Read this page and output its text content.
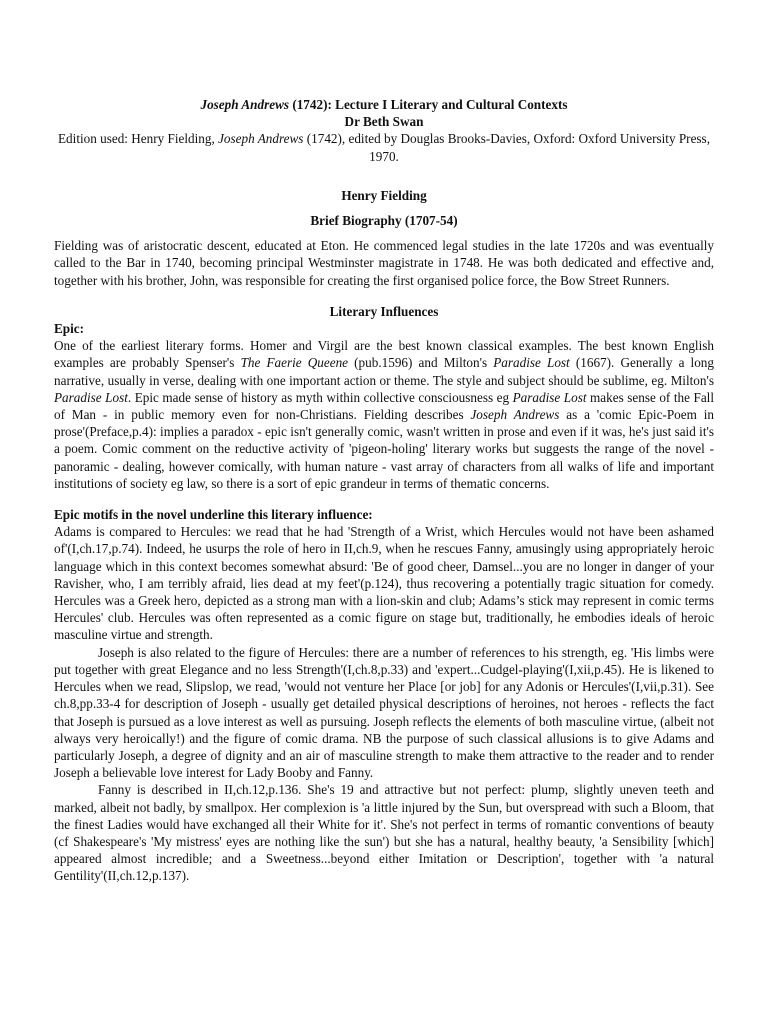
Joseph Andrews (1742): Lecture I Literary and Cultural Contexts
Dr Beth Swan
Edition used: Henry Fielding, Joseph Andrews (1742), edited by Douglas Brooks-Davies, Oxford: Oxford University Press, 1970.
Henry Fielding
Brief Biography (1707-54)

Fielding was of aristocratic descent, educated at Eton. He commenced legal studies in the late 1720s and was eventually called to the Bar in 1740, becoming principal Westminster magistrate in 1748. He was both dedicated and effective and, together with his brother, John, was responsible for creating the first organised police force, the Bow Street Runners.

Literary Influences
Epic:

One of the earliest literary forms. Homer and Virgil are the best known classical examples. The best known English examples are probably Spenser's The Faerie Queene (pub.1596) and Milton's Paradise Lost (1667). Generally a long narrative, usually in verse, dealing with one important action or theme. The style and subject should be sublime, eg. Milton's Paradise Lost. Epic made sense of history as myth within collective consciousness eg Paradise Lost makes sense of the Fall of Man - in public memory even for non-Christians. Fielding describes Joseph Andrews as a 'comic Epic-Poem in prose'(Preface,p.4): implies a paradox - epic isn't generally comic, wasn't written in prose and even if it was, he's just said it's a poem. Comic comment on the reductive activity of 'pigeon-holing' literary works but suggests the range of the novel - panoramic - dealing, however comically, with human nature - vast array of characters from all walks of life and important institutions of society eg law, so there is a sort of epic grandeur in terms of thematic concerns.

Epic motifs in the novel underline this literary influence:

Adams is compared to Hercules: we read that he had 'Strength of a Wrist, which Hercules would not have been ashamed of'(I,ch.17,p.74). Indeed, he usurps the role of hero in II,ch.9, when he rescues Fanny, amusingly using appropriately heroic language which in this context becomes somewhat absurd: 'Be of good cheer, Damsel...you are no longer in danger of your Ravisher, who, I am terribly afraid, lies dead at my feet'(p.124), thus recovering a potentially tragic situation for comedy. Hercules was a Greek hero, depicted as a strong man with a lion-skin and club; Adams’s stick may represent in comic terms Hercules' club. Hercules was often represented as a comic figure on stage but, traditionally, he embodies ideals of heroic masculine virtue and strength.

Joseph is also related to the figure of Hercules: there are a number of references to his strength, eg. 'His limbs were put together with great Elegance and no less Strength'(I,ch.8,p.33) and 'expert...Cudgel-playing'(I,xii,p.45). He is likened to Hercules when we read, Slipslop, we read, 'would not venture her Place [or job] for any Adonis or Hercules'(I,vii,p.31). See ch.8,pp.33-4 for description of Joseph - usually get detailed physical descriptions of heroines, not heroes - reflects the fact that Joseph is pursued as a love interest as well as pursuing. Joseph reflects the elements of both masculine virtue, (albeit not always very heroically!) and the figure of comic drama. NB the purpose of such classical allusions is to give Adams and particularly Joseph, a degree of dignity and an air of masculine strength to make them attractive to the reader and to render Joseph a believable love interest for Lady Booby and Fanny.

Fanny is described in II,ch.12,p.136. She's 19 and attractive but not perfect: plump, slightly uneven teeth and marked, albeit not badly, by smallpox. Her complexion is 'a little injured by the Sun, but overspread with such a Bloom, that the finest Ladies would have exchanged all their White for it'. She's not perfect in terms of romantic conventions of beauty (cf Shakespeare's 'My mistress' eyes are nothing like the sun') but she has a natural, healthy beauty, 'a Sensibility [which] appeared almost incredible; and a Sweetness...beyond either Imitation or Description', together with 'a natural Gentility'(II,ch.12,p.137).
